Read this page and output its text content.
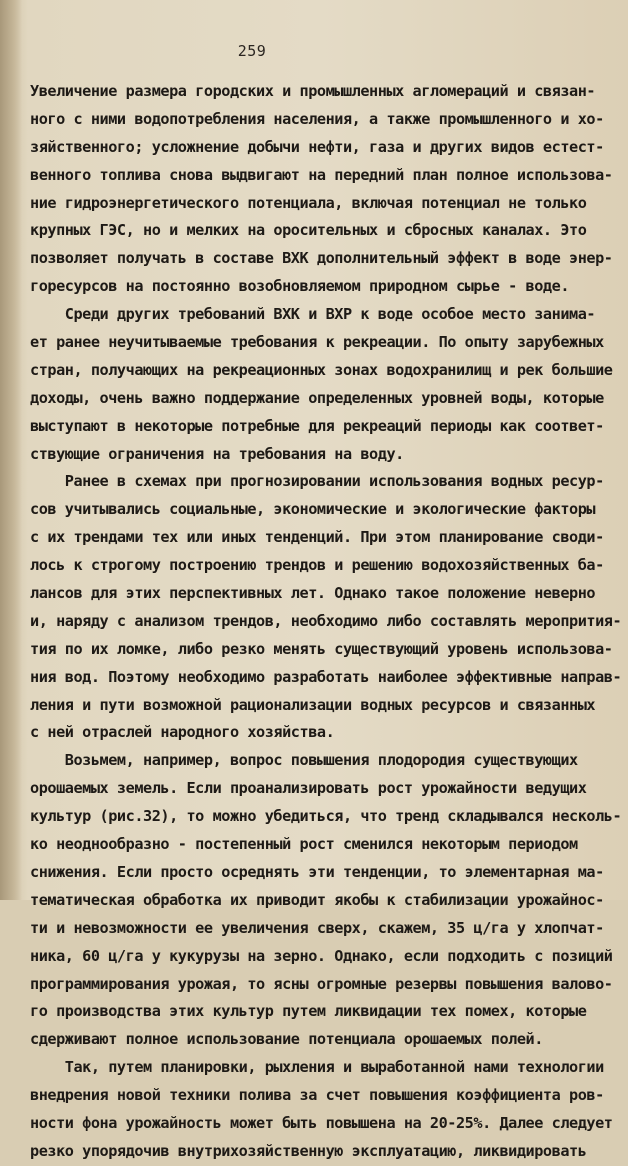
259
Увеличение размера городских и промышленных агломераций и связан-
ного с ними водопотребления населения, а также промышленного и хо-
зяйственного; усложнение добычи нефти, газа и других видов естест-
венного топлива снова выдвигают на передний план полное использова-
ние гидроэнергетического потенциала, включая потенциал не только
крупных ГЭС, но и мелких на оросительных и сбросных каналах. Это
позволяет получать в составе ВХК дополнительный эффект в воде энер-
горесурсов на постоянно возобновляемом природном сырье - воде.
Среди других требований ВХК и ВХР к воде особое место занима-
ет ранее неучитываемые требования к рекреации. По опыту зарубежных
стран, получающих на рекреационных зонах водохранилищ и рек большие
доходы, очень важно поддержание определенных уровней воды, которые
выступают в некоторые потребные для рекреаций периоды как соответ-
ствующие ограничения на требования на воду.
Ранее в схемах при прогнозировании использования водных ресур-
сов учитывались социальные, экономические и экологические факторы
с их трендами тех или иных тенденций. При этом планирование своди-
лось к строгому построению трендов и решению водохозяйственных ба-
лансов для этих перспективных лет. Однако такое положение неверно
и, наряду с анализом трендов, необходимо либо составлять меропрития-
тия по их ломке, либо резко менять существующий уровень использова-
ния вод. Поэтому необходимо разработать наиболее эффективные направ-
ления и пути возможной рационализации водных ресурсов и связанных
с ней отраслей народного хозяйства.
Возьмем, например, вопрос повышения плодородия существующих
орошаемых земель. Если проанализировать рост урожайности ведущих
культур (рис.32), то можно убедиться, что тренд складывался несколь-
ко неоднообразно - постепенный рост сменился некоторым периодом
снижения. Если просто осреднять эти тенденции, то элементарная ма-
тематическая обработка их приводит якобы к стабилизации урожайнос-
ти и невозможности ее увеличения сверх, скажем, 35 ц/га у хлопчат-
ника, 60 ц/га у кукурузы на зерно. Однако, если подходить с позиций
программирования урожая, то ясны огромные резервы повышения валово-
го производства этих культур путем ликвидации тех помех, которые
сдерживают полное использование потенциала орошаемых полей.
Так, путем планировки, рыхления и выработанной нами технологии
внедрения новой техники полива за счет повышения коэффициента ров-
ности фона урожайность может быть повышена на 20-25%. Далее следует
резко упорядочив внутрихозяйственную эксплуатацию, ликвидировать
